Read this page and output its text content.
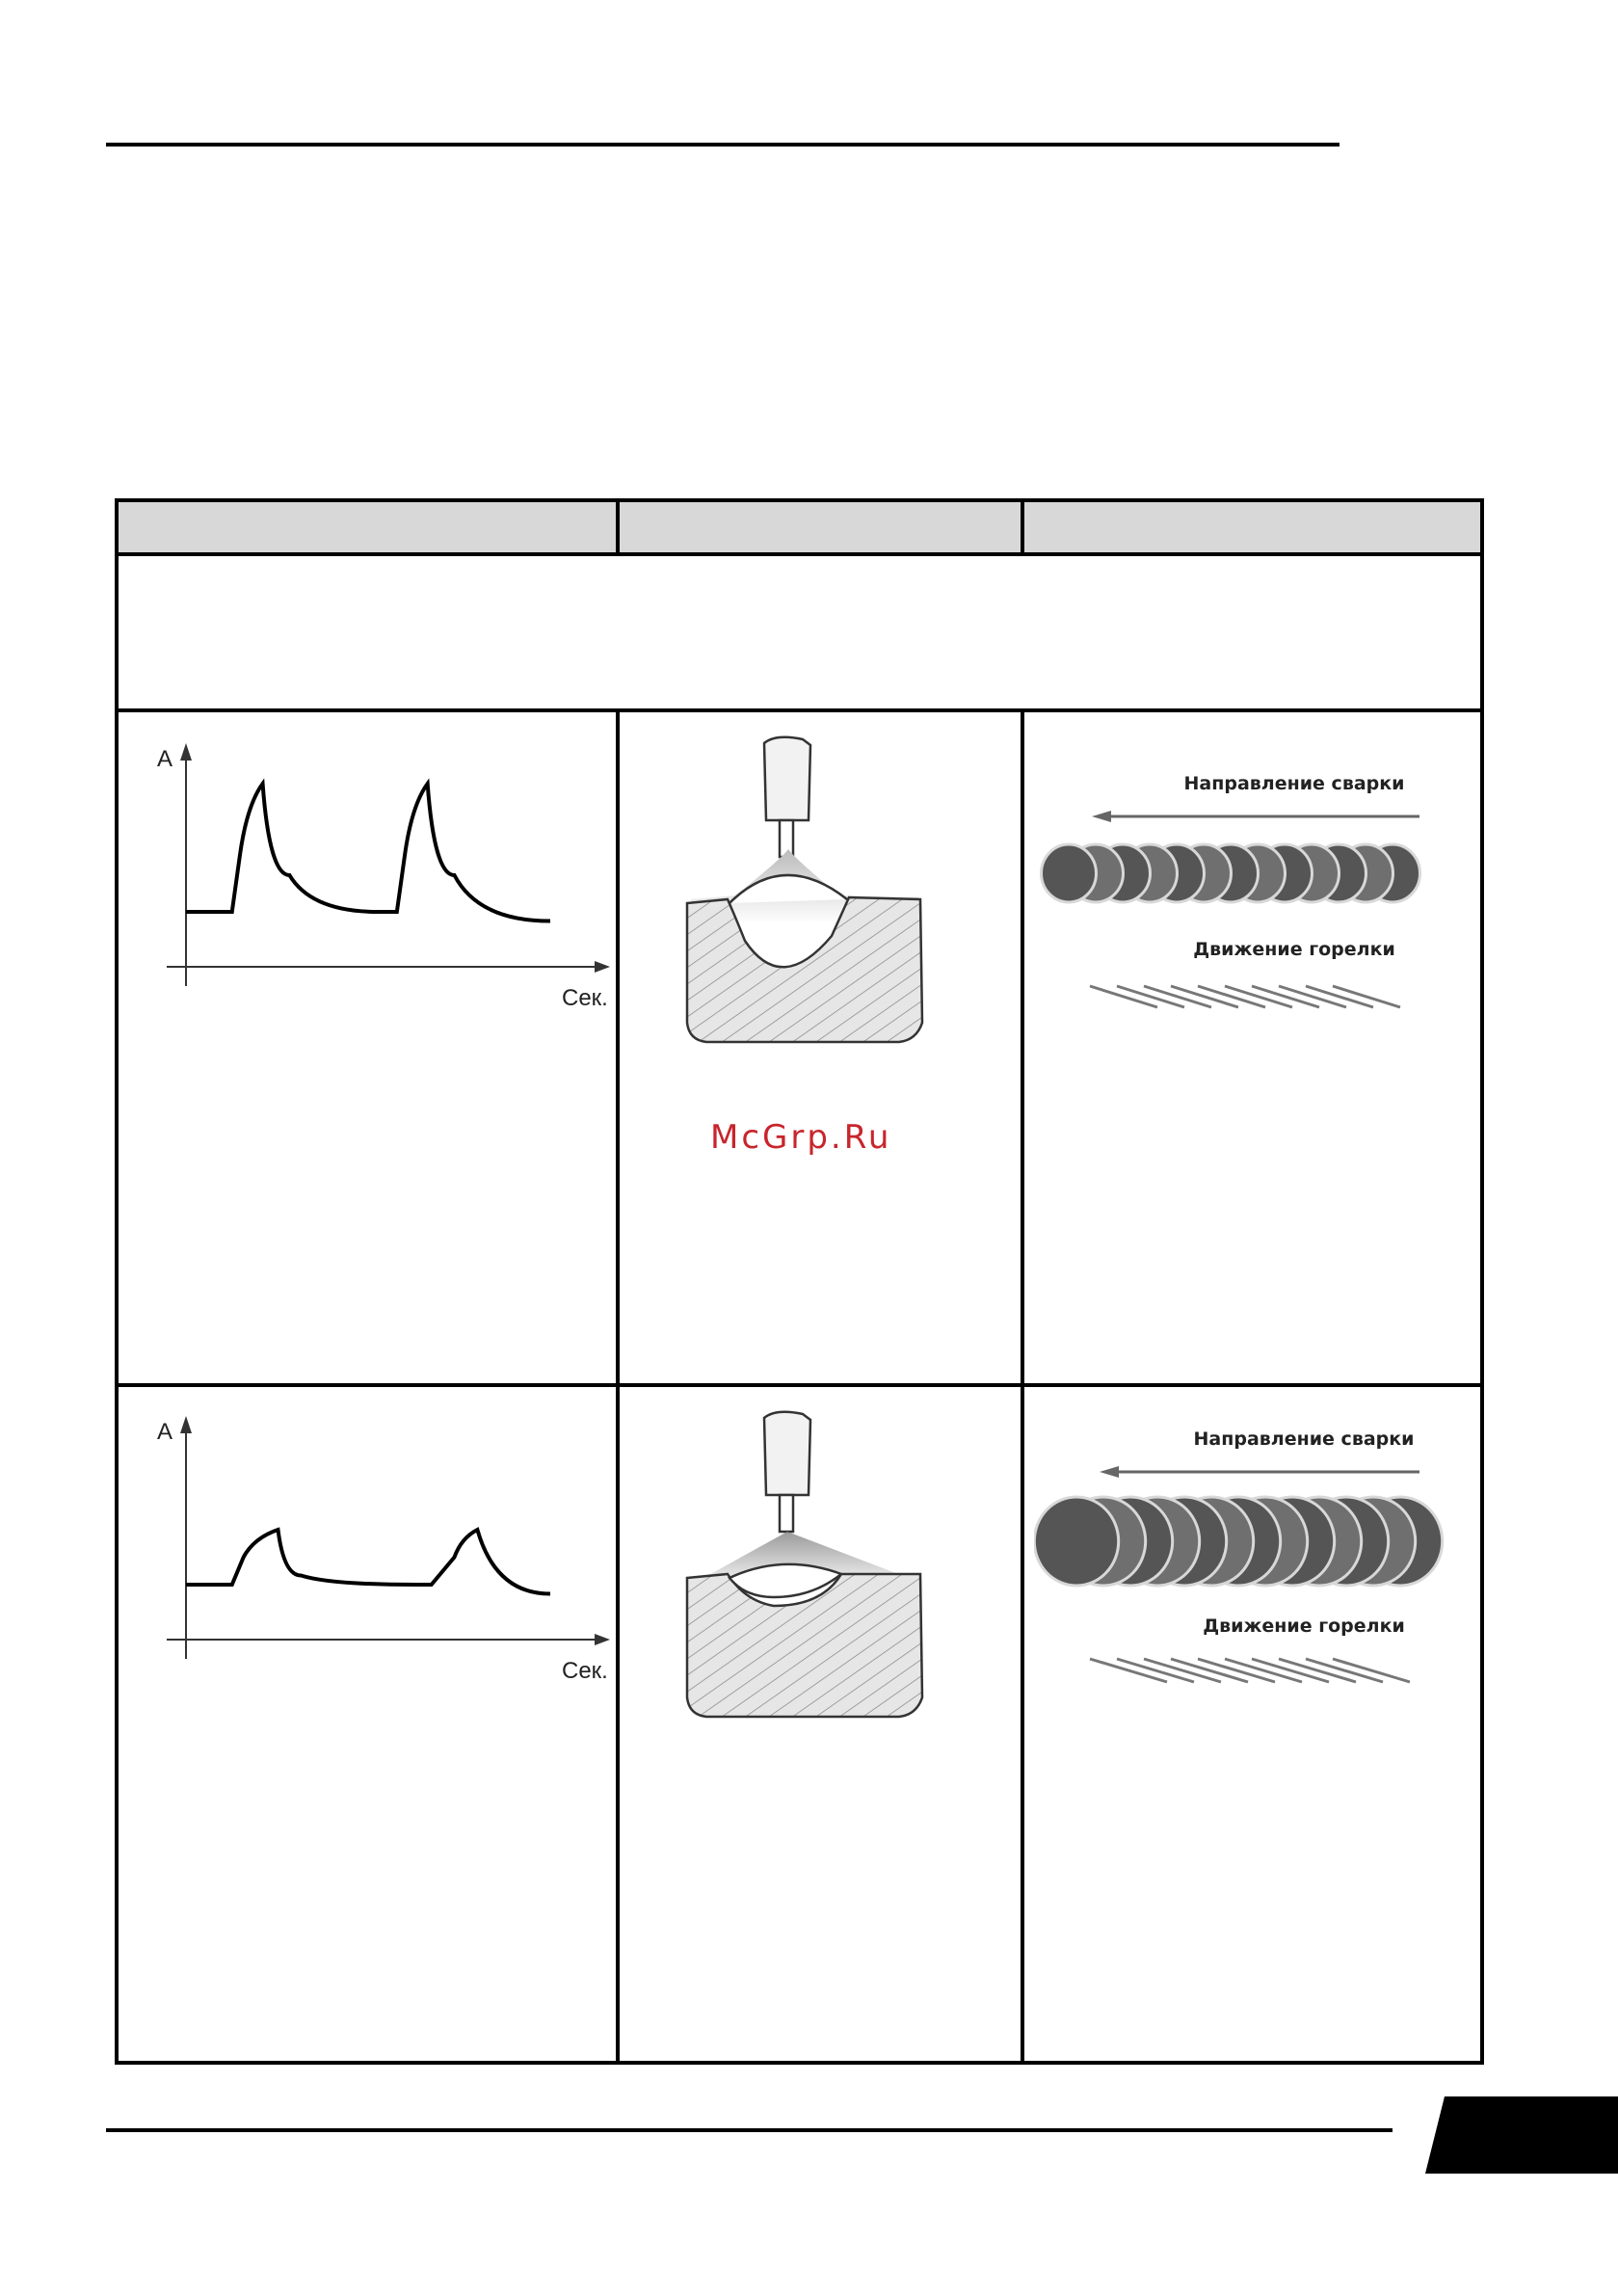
A
Сек.
Направление сварки
Движение горелки
A
Сек.
Направление сварки
Движение горелки
McGrp.Ru
